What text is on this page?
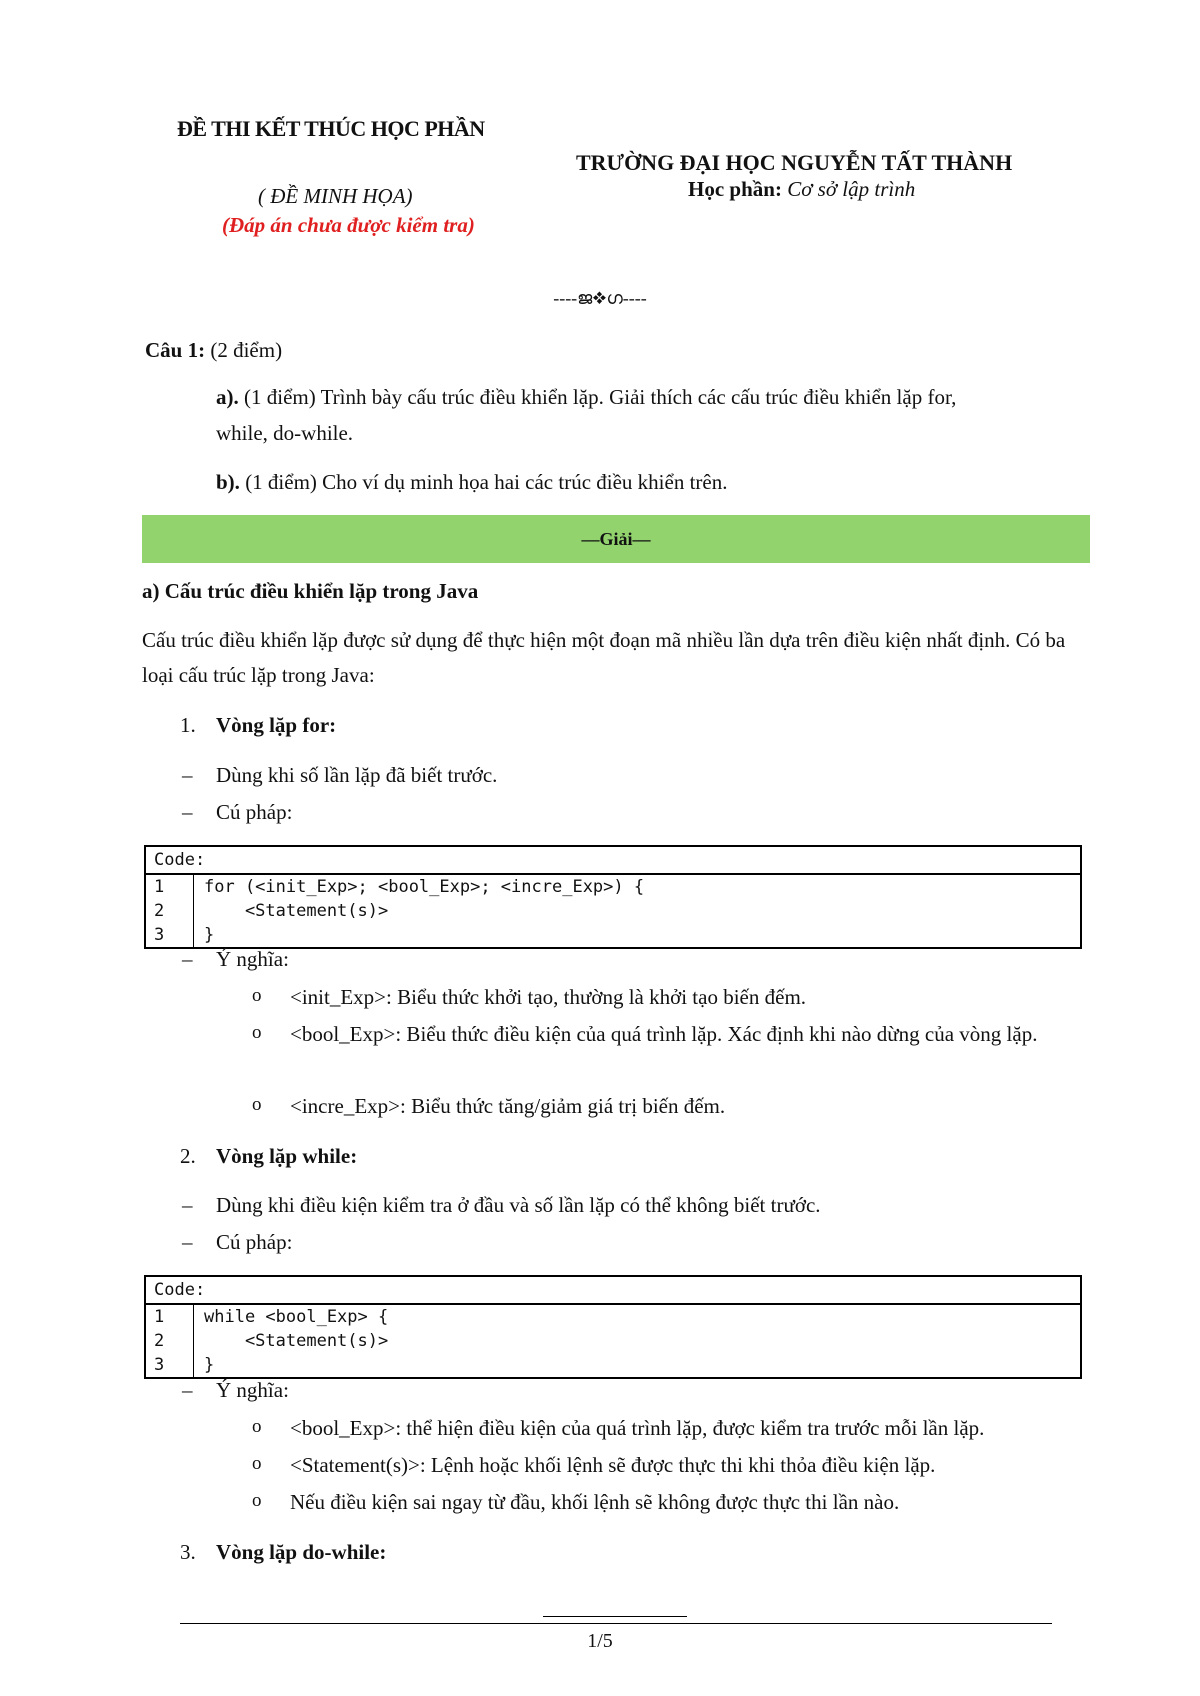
ĐỀ THI KẾT THÚC HỌC PHẦN
( ĐỀ MINH HỌA)
(Đáp án chưa được kiểm tra)
TRƯỜNG ĐẠI HỌC NGUYỄN TẤT THÀNH
Học phần: Cơ sở lập trình
----ജ❖ഗ----
Câu 1: (2 điểm)
a). (1 điểm) Trình bày cấu trúc điều khiển lặp. Giải thích các cấu trúc điều khiển lặp for,
while, do-while.
b). (1 điểm) Cho ví dụ minh họa hai các trúc điều khiển trên.
—Giải—
a) Cấu trúc điều khiển lặp trong Java
Cấu trúc điều khiển lặp được sử dụng để thực hiện một đoạn mã nhiều lần dựa trên điều kiện nhất định. Có ba loại cấu trúc lặp trong Java:
1. Vòng lặp for:
– Dùng khi số lần lặp đã biết trước.
– Cú pháp:
Code:
1
2
3
for (<init_Exp>; <bool_Exp>; <incre_Exp>) {
<Statement(s)>
}
– Ý nghĩa:
o <init_Exp>: Biểu thức khởi tạo, thường là khởi tạo biến đếm.
o <bool_Exp>: Biểu thức điều kiện của quá trình lặp. Xác định khi nào dừng của vòng lặp.
o <incre_Exp>: Biểu thức tăng/giảm giá trị biến đếm.
2. Vòng lặp while:
– Dùng khi điều kiện kiểm tra ở đầu và số lần lặp có thể không biết trước.
– Cú pháp:
Code:
1
2
3
while <bool_Exp> {
<Statement(s)>
}
– Ý nghĩa:
o <bool_Exp>: thể hiện điều kiện của quá trình lặp, được kiểm tra trước mỗi lần lặp.
o <Statement(s)>: Lệnh hoặc khối lệnh sẽ được thực thi khi thỏa điều kiện lặp.
o Nếu điều kiện sai ngay từ đầu, khối lệnh sẽ không được thực thi lần nào.
3. Vòng lặp do-while:
1/5
